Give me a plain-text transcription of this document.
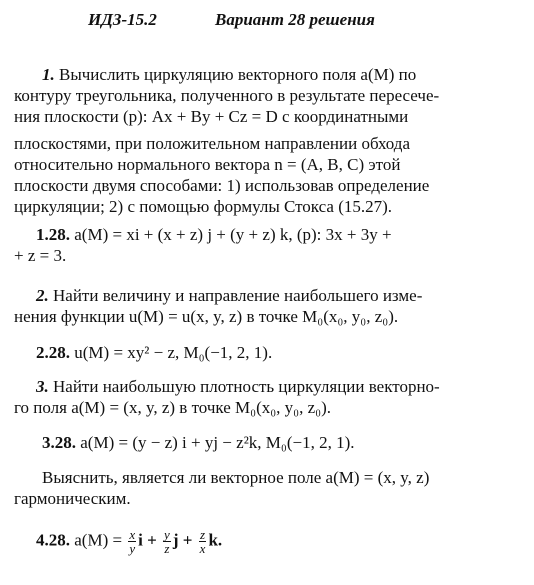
ИДЗ-15.2	Вариант 28 решения
1. Вычислить циркуляцию векторного поля a(M) по
контуру треугольника, полученного в результате пересече-
ния плоскости (p): Ax + By + Cz = D с координатными
плоскостями, при положительном направлении обхода
относительно нормального вектора n = (A, B, C) этой
плоскости двумя способами: 1) использовав определение
циркуляции; 2) с помощью формулы Стокса (15.27).
1.28. a(M) = xi + (x + z) j + (y + z) k, (p): 3x + 3y +
+ z = 3.
2. Найти величину и направление наибольшего изме-
нения функции u(M) = u(x, y, z) в точке M₀(x₀, y₀, z₀).
2.28. u(M) = xy² − z, M₀(−1, 2, 1).
3. Найти наибольшую плотность циркуляции векторно-
го поля a(M) = (x, y, z) в точке M₀(x₀, y₀, z₀).
3.28. a(M) = (y − z) i + yj − z²k, M₀(−1, 2, 1).
Выяснить, является ли векторное поле a(M) = (x, y, z)
гармоническим.
4.28. $a(M) = \frac{x}{y}$ $i + \frac{y}{z}$ $j + \frac{z}{x} k$.
